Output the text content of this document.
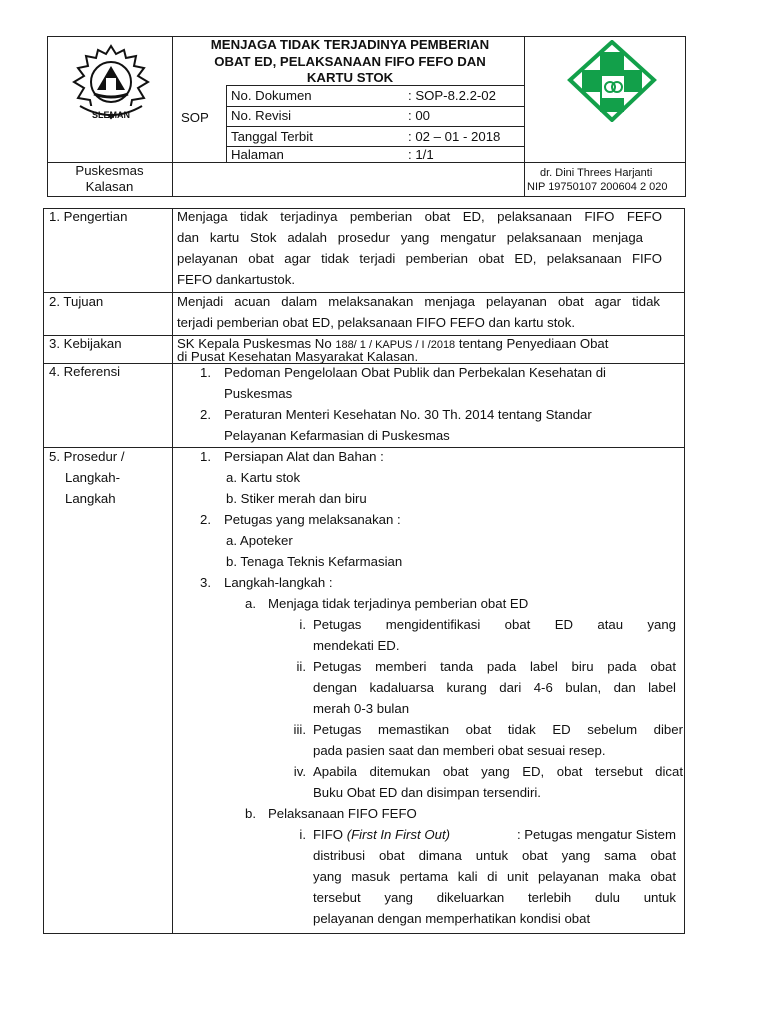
SLEMAN
MENJAGA TIDAK TERJADINYA PEMBERIAN
OBAT ED, PELAKSANAAN FIFO FEFO DAN
KARTU STOK
SOP
No. Dokumen	: SOP-8.2.2-02
No. Revisi	: 00
Tanggal Terbit	: 02 – 01 - 2018
Halaman	: 1/1
Puskesmas
Kalasan
dr. Dini Threes Harjanti
NIP 19750107 200604 2 020
1. Pengertian	Menjaga tidak terjadinya pemberian obat ED, pelaksanaan FIFO FEFO
dan kartu Stok adalah prosedur yang mengatur pelaksanaan menjaga
pelayanan obat agar tidak terjadi pemberian obat ED, pelaksanaan FIFO
FEFO dankartustok.
2. Tujuan	Menjadi acuan dalam melaksanakan menjaga pelayanan obat agar tidak
terjadi pemberian obat ED, pelaksanaan FIFO FEFO dan kartu stok.
3. Kebijakan	SK Kepala Puskesmas No 188/ 1 / KAPUS / I /2018 tentang Penyediaan Obat
di Pusat Kesehatan Masyarakat Kalasan.
4. Referensi	1. Pedoman Pengelolaan Obat Publik dan Perbekalan Kesehatan di
Puskesmas
2. Peraturan Menteri Kesehatan No. 30 Th. 2014 tentang Standar
Pelayanan Kefarmasian di Puskesmas
5. Prosedur /
Langkah-
Langkah
1. Persiapan Alat dan Bahan :
a. Kartu stok
b. Stiker merah dan biru
2. Petugas yang melaksanakan :
a. Apoteker
b. Tenaga Teknis Kefarmasian
3. Langkah-langkah :
a. Menjaga tidak terjadinya pemberian obat ED
i. Petugas mengidentifikasi obat ED atau yang
mendekati ED.
ii. Petugas memberi tanda pada label biru pada obat
dengan kadaluarsa kurang dari 4-6 bulan, dan label
merah 0-3 bulan
iii. Petugas memastikan obat tidak ED sebelum diber
pada pasien saat dan memberi obat sesuai resep.
iv. Apabila ditemukan obat yang ED, obat tersebut dicat
Buku Obat ED dan disimpan tersendiri.
b. Pelaksanaan FIFO FEFO
i. FIFO (First In First Out)	: Petugas mengatur Sistem
distribusi obat dimana untuk obat yang sama obat
yang masuk pertama kali di unit pelayanan maka obat
tersebut yang dikeluarkan terlebih dulu untuk
pelayanan dengan memperhatikan kondisi obat
